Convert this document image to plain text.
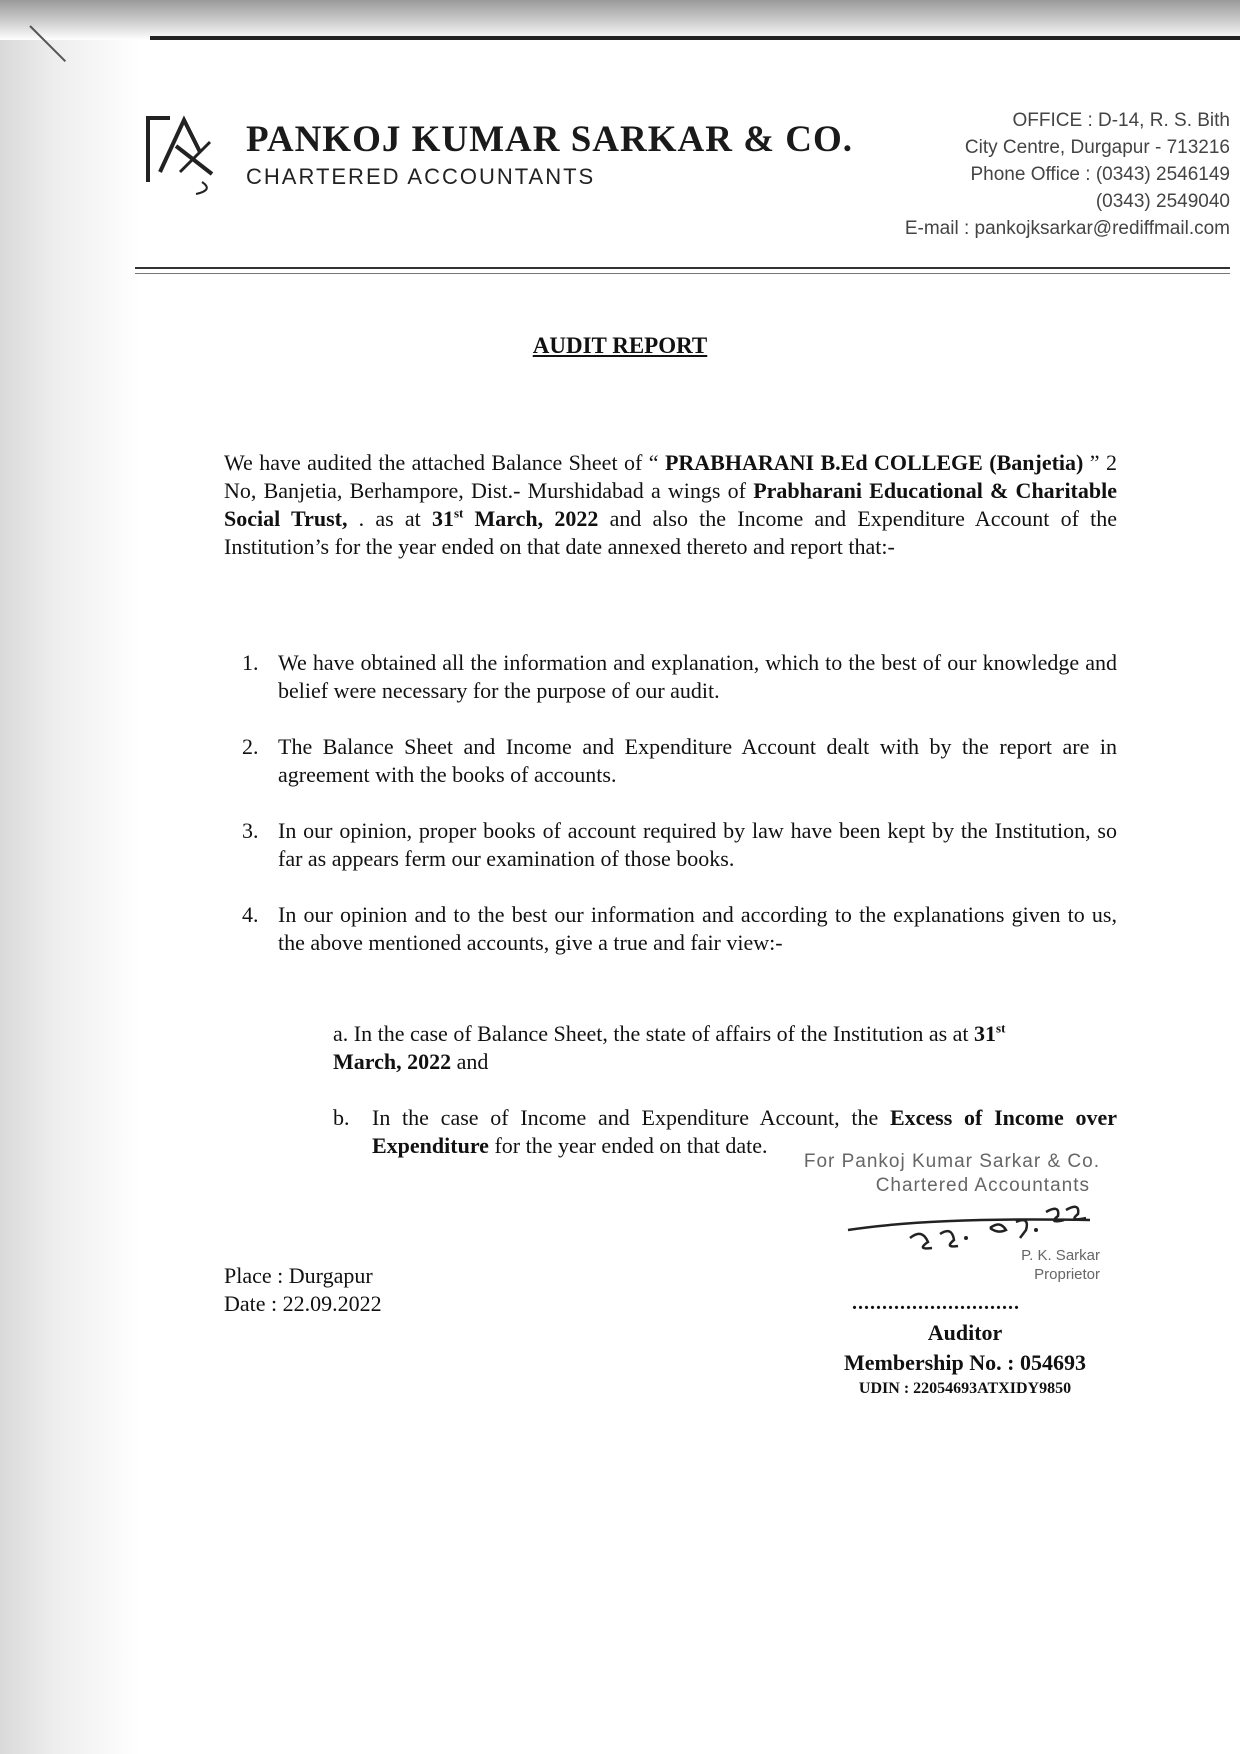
PANKOJ KUMAR SARKAR & CO.
CHARTERED ACCOUNTANTS
OFFICE : D-14, R. S. Bith
City Centre, Durgapur - 713216
Phone Office : (0343) 2546149
(0343) 2549040
E-mail : pankojksarkar@rediffmail.com
AUDIT REPORT
We have audited the attached Balance Sheet of “ PRABHARANI B.Ed COLLEGE (Banjetia) ” 2 No, Banjetia, Berhampore, Dist.- Murshidabad a wings of Prabharani Educational & Charitable Social Trust, . as at 31st March, 2022 and also the Income and Expenditure Account of the Institution’s for the year ended on that date annexed thereto and report that:-
1. We have obtained all the information and explanation, which to the best of our knowledge and belief were necessary for the purpose of our audit.
2. The Balance Sheet and Income and Expenditure Account dealt with by the report are in agreement with the books of accounts.
3. In our opinion, proper books of account required by law have been kept by the Institution, so far as appears ferm our examination of those books.
4. In our opinion and to the best our information and according to the explanations given to us, the above mentioned accounts, give a true and fair view:-
a. In the case of Balance Sheet, the state of affairs of the Institution as at 31st
March, 2022 and
b. In the case of Income and Expenditure Account, the Excess of Income over Expenditure for the year ended on that date.
For Pankoj Kumar Sarkar & Co.
Chartered Accountants
P. K. Sarkar
Proprietor
Place : Durgapur
Date : 22.09.2022	............................
Auditor
Membership No. : 054693
UDIN : 22054693ATXIDY9850
